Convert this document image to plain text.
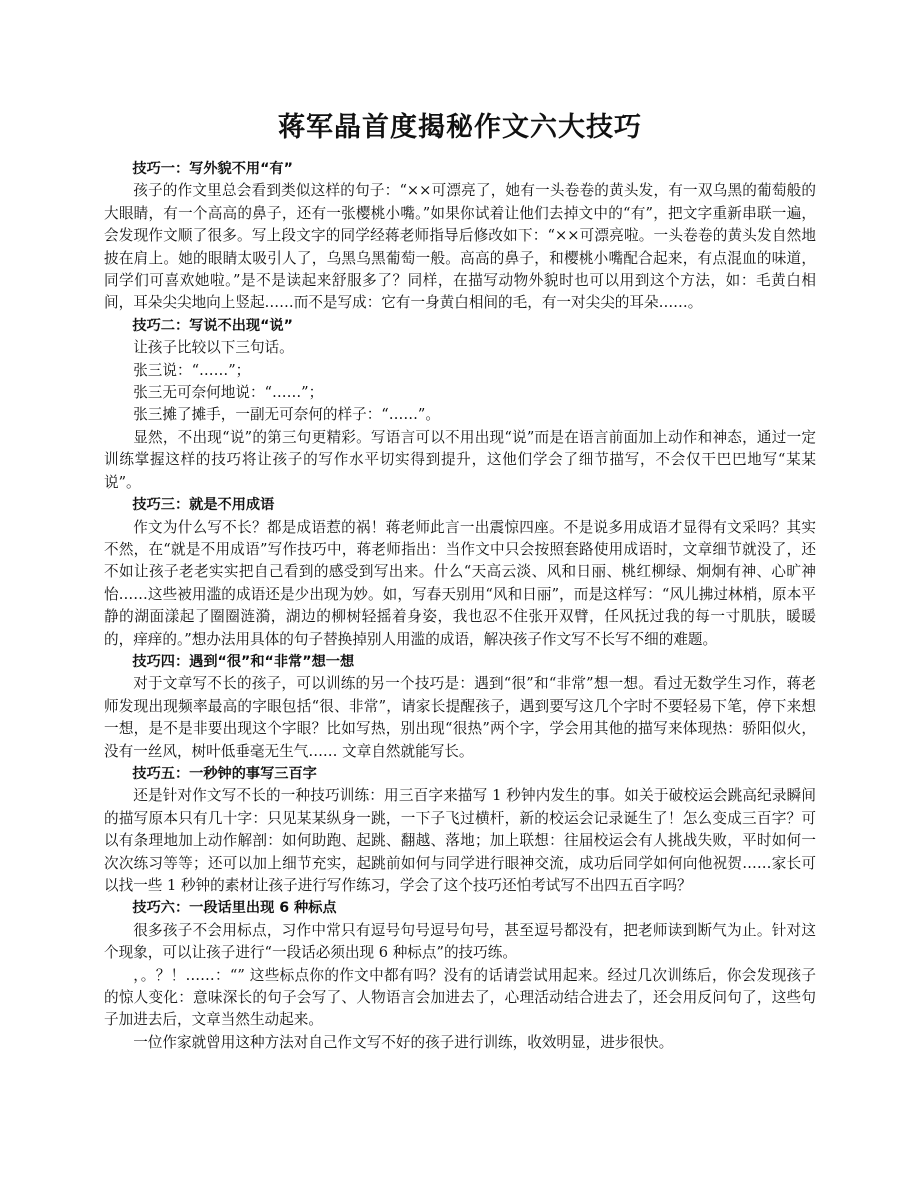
蒋军晶首度揭秘作文六大技巧

技巧一：写外貌不用“有”

孩子的作文里总会看到类似这样的句子：“××可漂亮了，她有一头卷卷的黄头发，有一双乌黑的葡萄般的大眼睛，有一个高高的鼻子，还有一张樱桃小嘴。”如果你试着让他们去掉文中的“有”，把文字重新串联一遍，会发现作文顺了很多。写上段文字的同学经蒋老师指导后修改如下：“××可漂亮啦。一头卷卷的黄头发自然地披在肩上。她的眼睛太吸引人了，乌黑乌黑葡萄一般。高高的鼻子，和樱桃小嘴配合起来，有点混血的味道，同学们可喜欢她啦。”是不是读起来舒服多了？同样，在描写动物外貌时也可以用到这个方法，如：毛黄白相间，耳朵尖尖地向上竖起……而不是写成：它有一身黄白相间的毛，有一对尖尖的耳朵……。

技巧二：写说不出现“说”

让孩子比较以下三句话。

张三说：“……”；

张三无可奈何地说：“……”；

张三摊了摊手，一副无可奈何的样子：“……”。

显然，不出现“说”的第三句更精彩。写语言可以不用出现“说”而是在语言前面加上动作和神态，通过一定训练掌握这样的技巧将让孩子的写作水平切实得到提升，这他们学会了细节描写，不会仅干巴巴地写“某某说”。

技巧三：就是不用成语

作文为什么写不长？都是成语惹的祸！蒋老师此言一出震惊四座。不是说多用成语才显得有文采吗？其实不然，在“就是不用成语”写作技巧中，蒋老师指出：当作文中只会按照套路使用成语时，文章细节就没了，还不如让孩子老老实实把自己看到的感受到写出来。什么“天高云淡、风和日丽、桃红柳绿、炯炯有神、心旷神怡……这些被用滥的成语还是少出现为妙。如，写春天别用“风和日丽”，而是这样写：“风儿拂过林梢，原本平静的湖面漾起了圈圈涟漪，湖边的柳树轻摇着身姿，我也忍不住张开双臂，任风抚过我的每一寸肌肤，暖暖的，痒痒的。”想办法用具体的句子替换掉别人用滥的成语，解决孩子作文写不长写不细的难题。

技巧四：遇到“很”和“非常”想一想

对于文章写不长的孩子，可以训练的另一个技巧是：遇到“很”和“非常”想一想。看过无数学生习作，蒋老师发现出现频率最高的字眼包括“很、非常”，请家长提醒孩子，遇到要写这几个字时不要轻易下笔，停下来想一想，是不是非要出现这个字眼？比如写热，别出现“很热”两个字，学会用其他的描写来体现热：骄阳似火，没有一丝风，树叶低垂毫无生气…… 文章自然就能写长。

技巧五：一秒钟的事写三百字

还是针对作文写不长的一种技巧训练：用三百字来描写 1 秒钟内发生的事。如关于破校运会跳高纪录瞬间的描写原本只有几十字：只见某某纵身一跳，一下子飞过横杆，新的校运会记录诞生了！怎么变成三百字？可以有条理地加上动作解剖：如何助跑、起跳、翻越、落地；加上联想：往届校运会有人挑战失败，平时如何一次次练习等等；还可以加上细节充实，起跳前如何与同学进行眼神交流，成功后同学如何向他祝贺……家长可以找一些 1 秒钟的素材让孩子进行写作练习，学会了这个技巧还怕考试写不出四五百字吗？

技巧六：一段话里出现 6 种标点

很多孩子不会用标点，习作中常只有逗号句号逗号句号，甚至逗号都没有，把老师读到断气为止。针对这个现象，可以让孩子进行“一段话必须出现 6 种标点”的技巧练。

，。？！……：“” 这些标点你的作文中都有吗？没有的话请尝试用起来。经过几次训练后，你会发现孩子的惊人变化：意味深长的句子会写了、人物语言会加进去了，心理活动结合进去了，还会用反问句了，这些句子加进去后，文章当然生动起来。

一位作家就曾用这种方法对自己作文写不好的孩子进行训练，收效明显，进步很快。
